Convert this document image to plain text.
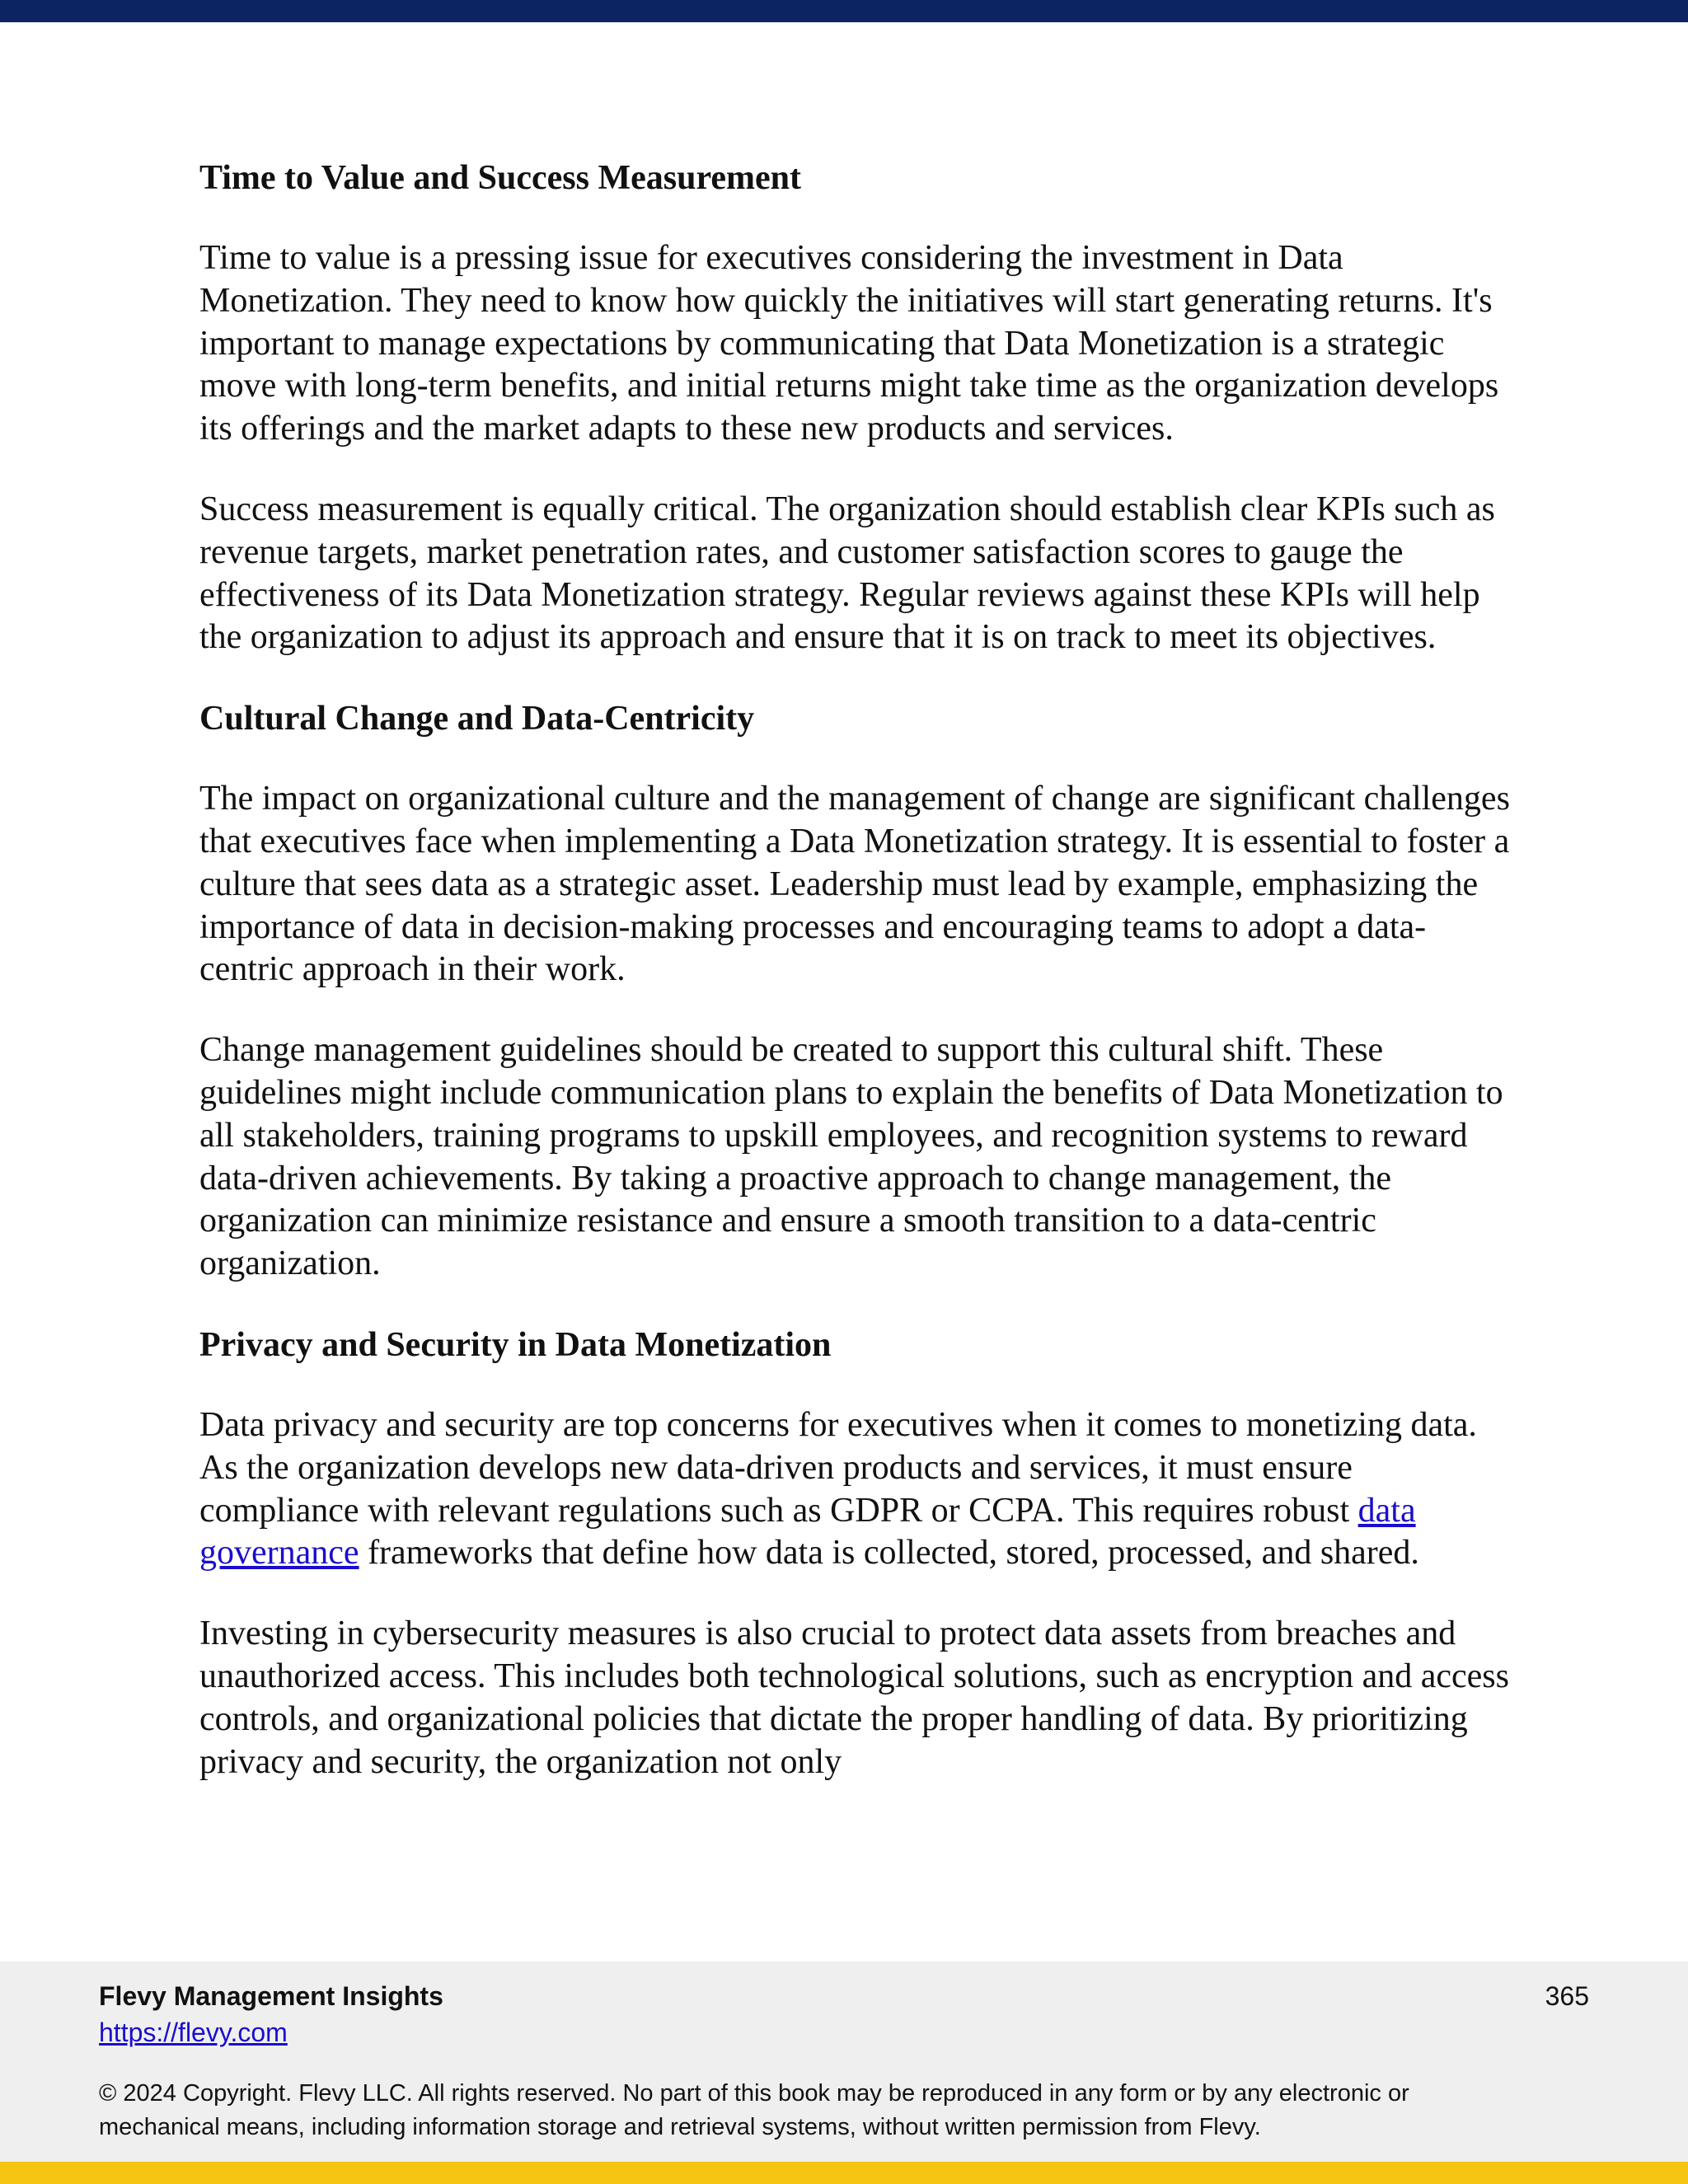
Time to Value and Success Measurement

Time to value is a pressing issue for executives considering the investment in Data Monetization. They need to know how quickly the initiatives will start generating returns. It's important to manage expectations by communicating that Data Monetization is a strategic move with long-term benefits, and initial returns might take time as the organization develops its offerings and the market adapts to these new products and services.

Success measurement is equally critical. The organization should establish clear KPIs such as revenue targets, market penetration rates, and customer satisfaction scores to gauge the effectiveness of its Data Monetization strategy. Regular reviews against these KPIs will help the organization to adjust its approach and ensure that it is on track to meet its objectives.

Cultural Change and Data-Centricity

The impact on organizational culture and the management of change are significant challenges that executives face when implementing a Data Monetization strategy. It is essential to foster a culture that sees data as a strategic asset. Leadership must lead by example, emphasizing the importance of data in decision-making processes and encouraging teams to adopt a data-centric approach in their work.

Change management guidelines should be created to support this cultural shift. These guidelines might include communication plans to explain the benefits of Data Monetization to all stakeholders, training programs to upskill employees, and recognition systems to reward data-driven achievements. By taking a proactive approach to change management, the organization can minimize resistance and ensure a smooth transition to a data-centric organization.

Privacy and Security in Data Monetization

Data privacy and security are top concerns for executives when it comes to monetizing data. As the organization develops new data-driven products and services, it must ensure compliance with relevant regulations such as GDPR or CCPA. This requires robust data governance frameworks that define how data is collected, stored, processed, and shared.

Investing in cybersecurity measures is also crucial to protect data assets from breaches and unauthorized access. This includes both technological solutions, such as encryption and access controls, and organizational policies that dictate the proper handling of data. By prioritizing privacy and security, the organization not only

Flevy Management Insights
https://flevy.com
365
© 2024 Copyright. Flevy LLC. All rights reserved. No part of this book may be reproduced in any form or by any electronic or mechanical means, including information storage and retrieval systems, without written permission from Flevy.
